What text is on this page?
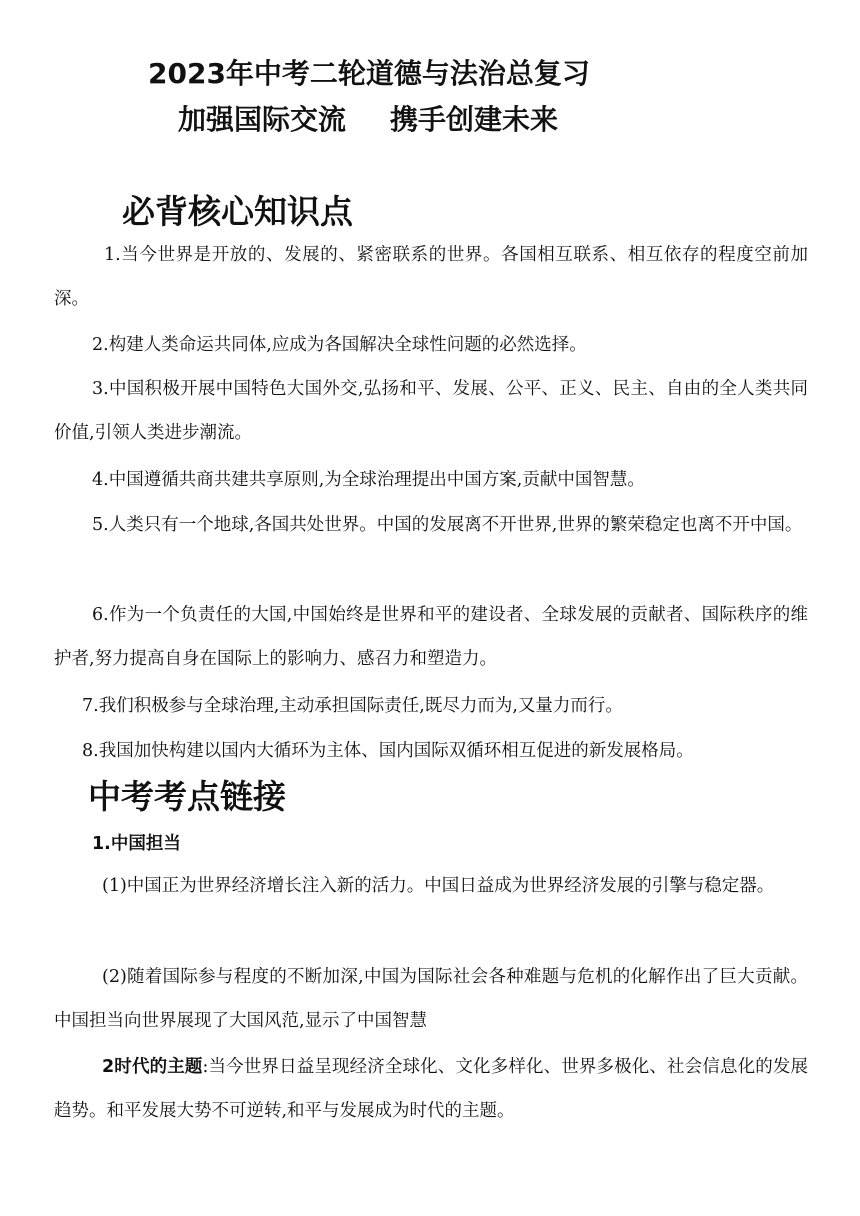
2023年中考二轮道德与法治总复习
加强国际交流 携手创建未来
必背核心知识点

1.当今世界是开放的、发展的、紧密联系的世界。各国相互联系、相互依存的程度空前加深。

2.构建人类命运共同体,应成为各国解决全球性问题的必然选择。

3.中国积极开展中国特色大国外交,弘扬和平、发展、公平、正义、民主、自由的全人类共同价值,引领人类进步潮流。

4.中国遵循共商共建共享原则,为全球治理提出中国方案,贡献中国智慧。

5.人类只有一个地球,各国共处世界。中国的发展离不开世界,世界的繁荣稳定也离不开中国。

6.作为一个负责任的大国,中国始终是世界和平的建设者、全球发展的贡献者、国际秩序的维护者,努力提高自身在国际上的影响力、感召力和塑造力。

7.我们积极参与全球治理,主动承担国际责任,既尽力而为,又量力而行。

8.我国加快构建以国内大循环为主体、国内国际双循环相互促进的新发展格局。

中考考点链接

1.中国担当

(1)中国正为世界经济增长注入新的活力。中国日益成为世界经济发展的引擎与稳定器。

(2)随着国际参与程度的不断加深,中国为国际社会各种难题与危机的化解作出了巨大贡献。中国担当向世界展现了大国风范,显示了中国智慧

2时代的主题:当今世界日益呈现经济全球化、文化多样化、世界多极化、社会信息化的发展趋势。和平发展大势不可逆转,和平与发展成为时代的主题。
